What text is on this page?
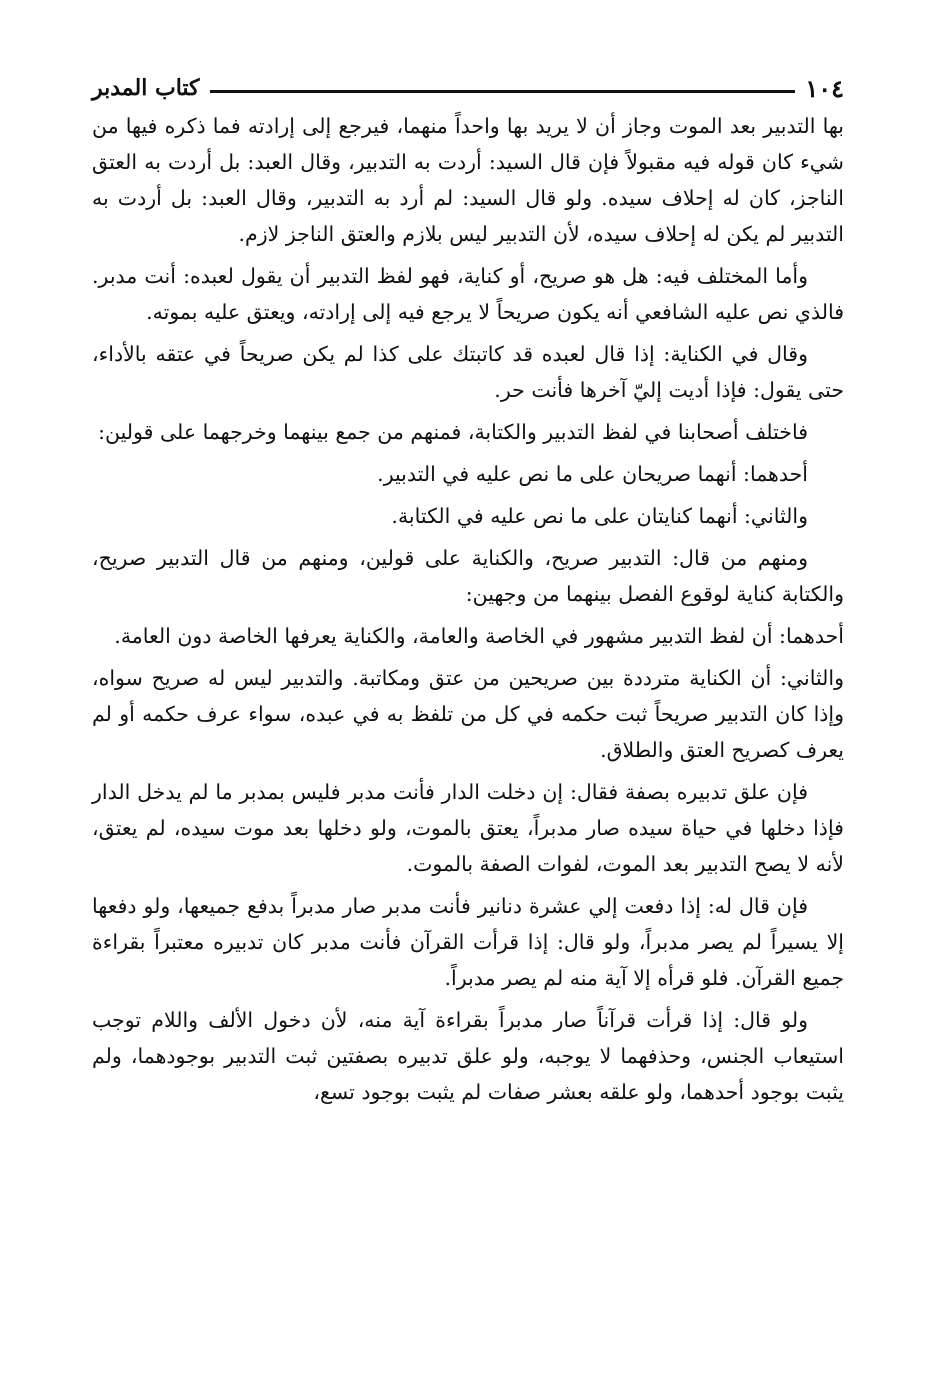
١٠٤
كتاب المدبر

بها التدبير بعد الموت وجاز أن لا يريد بها واحداً منهما، فيرجع إلى إرادته فما ذكره فيها من شيء كان قوله فيه مقبولاً فإن قال السيد: أردت به التدبير، وقال العبد: بل أردت به العتق الناجز، كان له إحلاف سيده. ولو قال السيد: لم أرد به التدبير، وقال العبد: بل أردت به التدبير لم يكن له إحلاف سيده، لأن التدبير ليس بلازم والعتق الناجز لازم.

وأما المختلف فيه: هل هو صريح، أو كناية، فهو لفظ التدبير أن يقول لعبده: أنت مدبر. فالذي نص عليه الشافعي أنه يكون صريحاً لا يرجع فيه إلى إرادته، ويعتق عليه بموته.

وقال في الكناية: إذا قال لعبده قد كاتبتك على كذا لم يكن صريحاً في عتقه بالأداء، حتى يقول: فإذا أديت إليّ آخرها فأنت حر.

فاختلف أصحابنا في لفظ التدبير والكتابة، فمنهم من جمع بينهما وخرجهما على قولين:

أحدهما: أنهما صريحان على ما نص عليه في التدبير.

والثاني: أنهما كنايتان على ما نص عليه في الكتابة.

ومنهم من قال: التدبير صريح، والكناية على قولين، ومنهم من قال التدبير صريح، والكتابة كناية لوقوع الفصل بينهما من وجهين:

أحدهما: أن لفظ التدبير مشهور في الخاصة والعامة، والكناية يعرفها الخاصة دون العامة.

والثاني: أن الكناية مترددة بين صريحين من عتق ومكاتبة. والتدبير ليس له صريح سواه، وإذا كان التدبير صريحاً ثبت حكمه في كل من تلفظ به في عبده، سواء عرف حكمه أو لم يعرف كصريح العتق والطلاق.

فإن علق تدبيره بصفة فقال: إن دخلت الدار فأنت مدبر فليس بمدبر ما لم يدخل الدار فإذا دخلها في حياة سيده صار مدبراً، يعتق بالموت، ولو دخلها بعد موت سيده، لم يعتق، لأنه لا يصح التدبير بعد الموت، لفوات الصفة بالموت.

فإن قال له: إذا دفعت إلي عشرة دنانير فأنت مدبر صار مدبراً بدفع جميعها، ولو دفعها إلا يسيراً لم يصر مدبراً، ولو قال: إذا قرأت القرآن فأنت مدبر كان تدبيره معتبراً بقراءة جميع القرآن. فلو قرأه إلا آية منه لم يصر مدبراً.

ولو قال: إذا قرأت قرآناً صار مدبراً بقراءة آية منه، لأن دخول الألف واللام توجب استيعاب الجنس، وحذفهما لا يوجبه، ولو علق تدبيره بصفتين ثبت التدبير بوجودهما، ولم يثبت بوجود أحدهما، ولو علقه بعشر صفات لم يثبت بوجود تسع،
